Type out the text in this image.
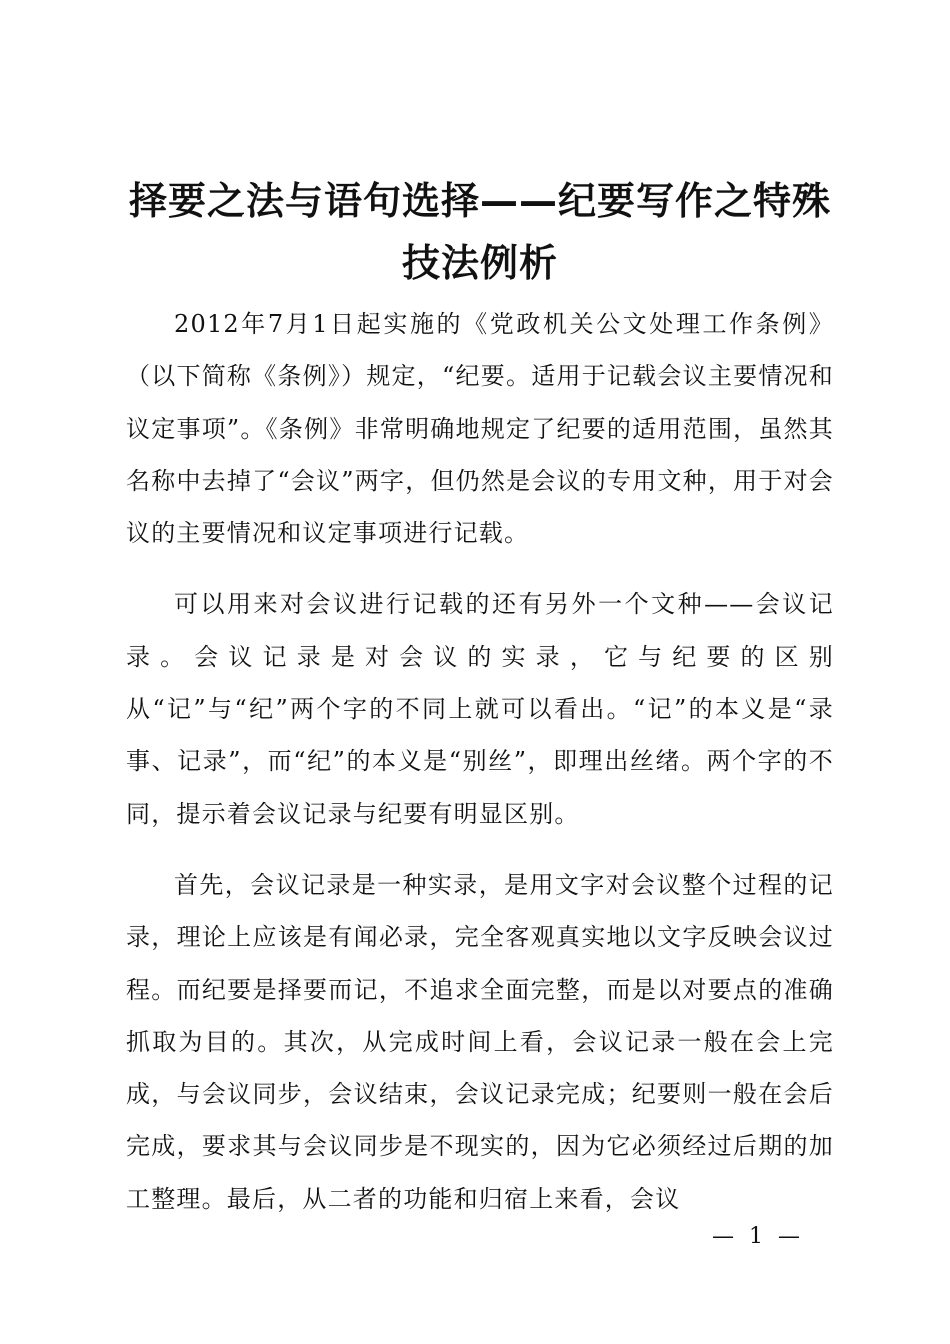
择要之法与语句选择——纪要写作之特殊技法例析

2012年7月1日起实施的《党政机关公文处理工作条例》（以下简称《条例》）规定，“纪要。适用于记载会议主要情况和议定事项”。《条例》非常明确地规定了纪要的适用范围，虽然其名称中去掉了“会议”两字，但仍然是会议的专用文种，用于对会议的主要情况和议定事项进行记载。

可以用来对会议进行记载的还有另外一个文种——会议记录。会议记录是对会议的实录，它与纪要的区别从“记”与“纪”两个字的不同上就可以看出。“记”的本义是“录事、记录”，而“纪”的本义是“别丝”，即理出丝绪。两个字的不同，提示着会议记录与纪要有明显区别。

首先，会议记录是一种实录，是用文字对会议整个过程的记录，理论上应该是有闻必录，完全客观真实地以文字反映会议过程。而纪要是择要而记，不追求全面完整，而是以对要点的准确抓取为目的。其次，从完成时间上看，会议记录一般在会上完成，与会议同步，会议结束，会议记录完成；纪要则一般在会后完成，要求其与会议同步是不现实的，因为它必须经过后期的加工整理。最后，从二者的功能和归宿上来看，会议

— 1 —
